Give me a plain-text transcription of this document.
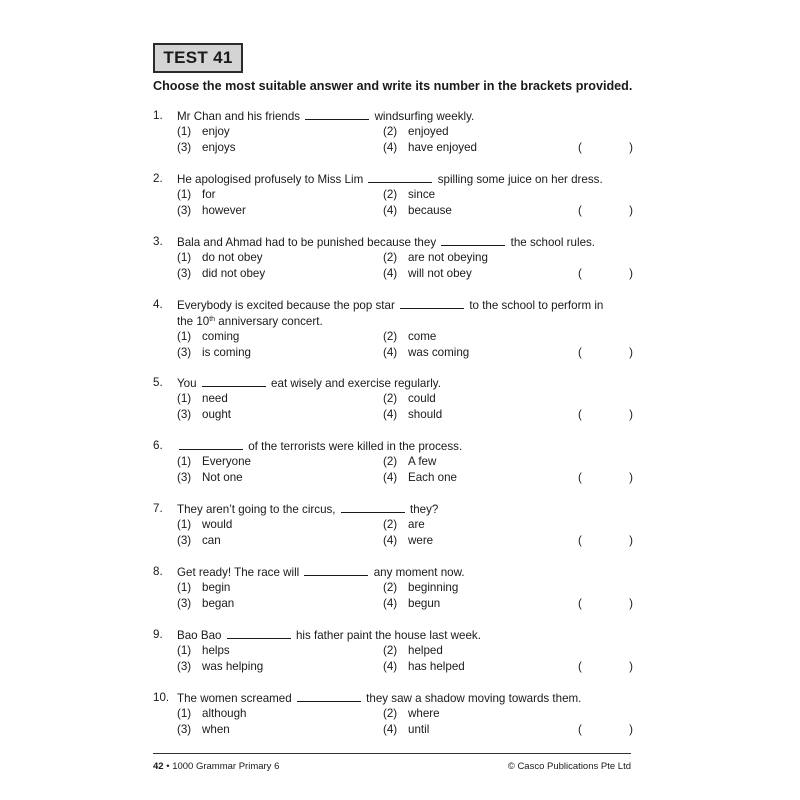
TEST 41
Choose the most suitable answer and write its number in the brackets provided.
1. Mr Chan and his friends	windsurfing weekly.
(1) enjoy	(2) enjoyed
(3) enjoys	(4) have enjoyed	(	)
2. He apologised profusely to Miss Lim	spilling some juice on her dress.
(1) for	(2) since
(3) however	(4) because	(	)
3. Bala and Ahmad had to be punished because they	the school rules.
(1) do not obey	(2) are not obeying
(3) did not obey	(4) will not obey	(	)
4. Everybody is excited because the pop star	to the school to perform in
the 10th anniversary concert.
(1) coming	(2) come
(3) is coming	(4) was coming	(	)
5. You	eat wisely and exercise regularly.
(1) need	(2) could
(3) ought	(4) should	(	)
6.	of the terrorists were killed in the process.
(1) Everyone	(2) A few
(3) Not one	(4) Each one	(	)
7. They aren’t going to the circus,	they?
(1) would	(2) are
(3) can	(4) were	(	)
8. Get ready! The race will	any moment now.
(1) begin	(2) beginning
(3) began	(4) begun	(	)
9. Bao Bao	his father paint the house last week.
(1) helps	(2) helped
(3) was helping	(4) has helped	(	)
10. The women screamed	they saw a shadow moving towards them.
(1) although	(2) where
(3) when	(4) until	(	)
42 • 1000 Grammar Primary 6	© Casco Publications Pte Ltd
